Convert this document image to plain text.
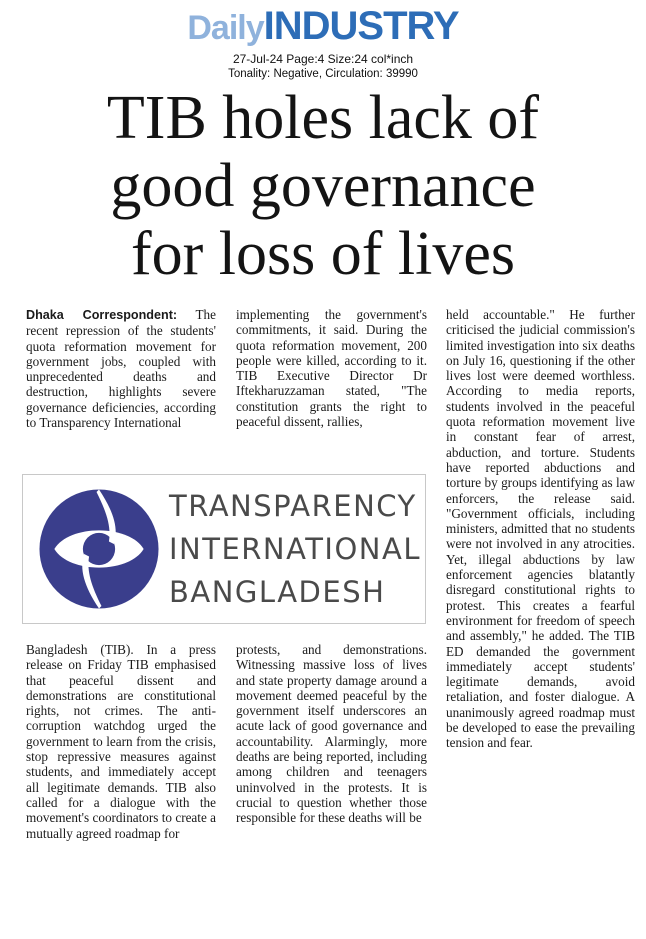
DailyINDUSTRY
27-Jul-24 Page:4 Size:24 col*inch
Tonality: Negative, Circulation: 39990
TIB holes lack of
good governance
for loss of lives

Dhaka Correspondent: The recent repression of the students' quota reformation movement for government jobs, coupled with unprecedented deaths and destruction, highlights severe governance deficiencies, according to Transparency International

implementing the government's commitments, it said. During the quota reformation movement, 200 people were killed, according to it. TIB Executive Director Dr Iftekharuzzaman stated, "The constitution grants the right to peaceful dissent, rallies,

TRANSPARENCY
INTERNATIONAL
BANGLADESH

Bangladesh (TIB). In a press release on Friday TIB emphasised that peaceful dissent and demonstrations are constitutional rights, not crimes. The anti-corruption watchdog urged the government to learn from the crisis, stop repressive measures against students, and immediately accept all legitimate demands. TIB also called for a dialogue with the movement's coordinators to create a mutually agreed roadmap for

protests, and demonstrations. Witnessing massive loss of lives and state property damage around a movement deemed peaceful by the government itself underscores an acute lack of good governance and accountability. Alarmingly, more deaths are being reported, including among children and teenagers uninvolved in the protests. It is crucial to question whether those responsible for these deaths will be

held accountable." He further criticised the judicial commission's limited investigation into six deaths on July 16, questioning if the other lives lost were deemed worthless. According to media reports, students involved in the peaceful quota reformation movement live in constant fear of arrest, abduction, and torture. Students have reported abductions and torture by groups identifying as law enforcers, the release said. "Government officials, including ministers, admitted that no students were not involved in any atrocities. Yet, illegal abductions by law enforcement agencies blatantly disregard constitutional rights to protest. This creates a fearful environment for freedom of speech and assembly," he added. The TIB ED demanded the government immediately accept students' legitimate demands, avoid retaliation, and foster dialogue. A unanimously agreed roadmap must be developed to ease the prevailing tension and fear.
